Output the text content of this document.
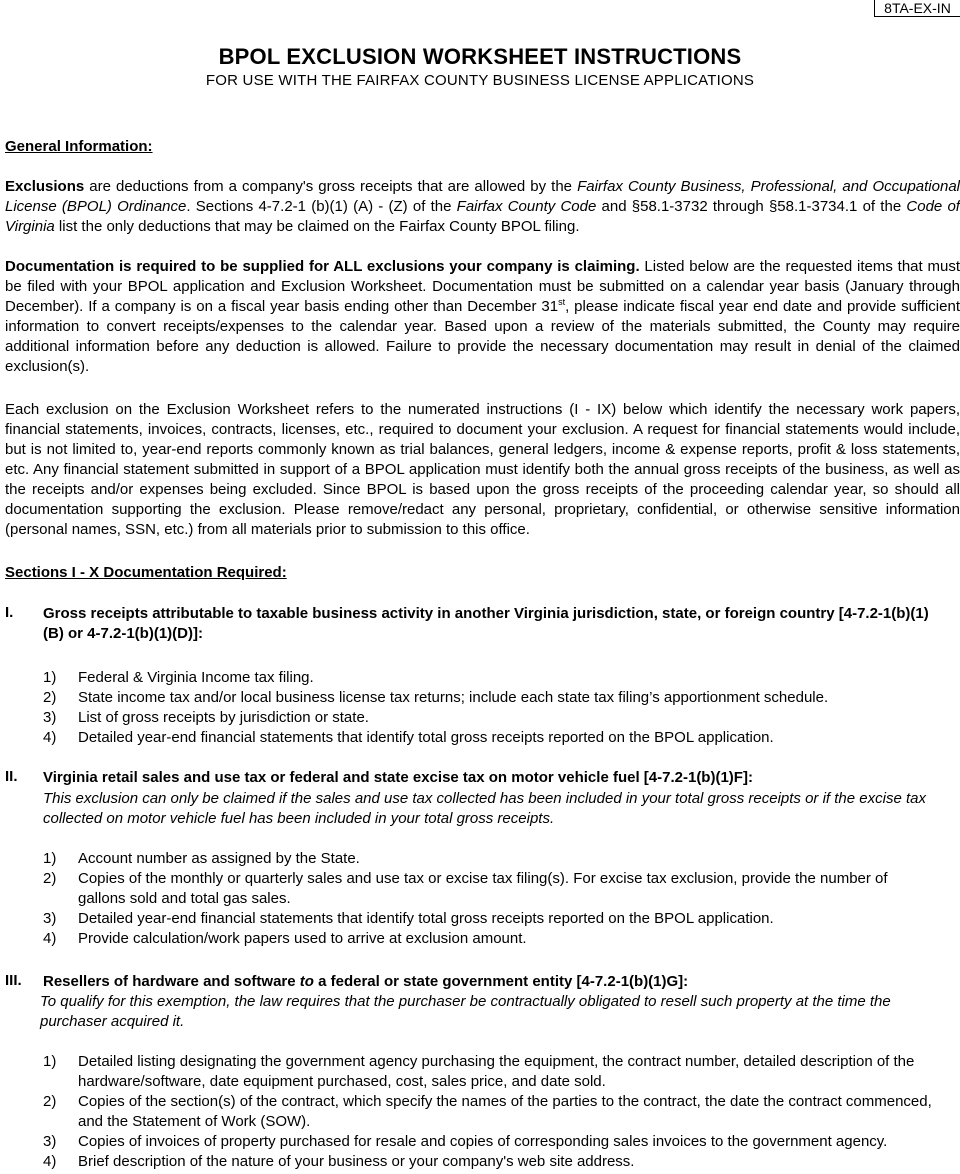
8TA-EX-IN
BPOL EXCLUSION WORKSHEET INSTRUCTIONS
FOR USE WITH THE FAIRFAX COUNTY BUSINESS LICENSE APPLICATIONS
General Information:
Exclusions are deductions from a company's gross receipts that are allowed by the Fairfax County Business, Professional, and Occupational License (BPOL) Ordinance. Sections 4-7.2-1 (b)(1) (A) - (Z) of the Fairfax County Code and §58.1-3732 through §58.1-3734.1 of the Code of Virginia list the only deductions that may be claimed on the Fairfax County BPOL filing.
Documentation is required to be supplied for ALL exclusions your company is claiming. Listed below are the requested items that must be filed with your BPOL application and Exclusion Worksheet. Documentation must be submitted on a calendar year basis (January through December). If a company is on a fiscal year basis ending other than December 31st, please indicate fiscal year end date and provide sufficient information to convert receipts/expenses to the calendar year. Based upon a review of the materials submitted, the County may require additional information before any deduction is allowed. Failure to provide the necessary documentation may result in denial of the claimed exclusion(s).
Each exclusion on the Exclusion Worksheet refers to the numerated instructions (I - IX) below which identify the necessary work papers, financial statements, invoices, contracts, licenses, etc., required to document your exclusion. A request for financial statements would include, but is not limited to, year-end reports commonly known as trial balances, general ledgers, income & expense reports, profit & loss statements, etc. Any financial statement submitted in support of a BPOL application must identify both the annual gross receipts of the business, as well as the receipts and/or expenses being excluded. Since BPOL is based upon the gross receipts of the proceeding calendar year, so should all documentation supporting the exclusion. Please remove/redact any personal, proprietary, confidential, or otherwise sensitive information (personal names, SSN, etc.) from all materials prior to submission to this office.
Sections I - X Documentation Required:
I. Gross receipts attributable to taxable business activity in another Virginia jurisdiction, state, or foreign country [4-7.2-1(b)(1)(B) or 4-7.2-1(b)(1)(D)]:
1) Federal & Virginia Income tax filing.
2) State income tax and/or local business license tax returns; include each state tax filing’s apportionment schedule.
3) List of gross receipts by jurisdiction or state.
4) Detailed year-end financial statements that identify total gross receipts reported on the BPOL application.
II. Virginia retail sales and use tax or federal and state excise tax on motor vehicle fuel [4-7.2-1(b)(1)F]:
This exclusion can only be claimed if the sales and use tax collected has been included in your total gross receipts or if the excise tax collected on motor vehicle fuel has been included in your total gross receipts.
1) Account number as assigned by the State.
2) Copies of the monthly or quarterly sales and use tax or excise tax filing(s). For excise tax exclusion, provide the number of gallons sold and total gas sales.
3) Detailed year-end financial statements that identify total gross receipts reported on the BPOL application.
4) Provide calculation/work papers used to arrive at exclusion amount.
III. Resellers of hardware and software to a federal or state government entity [4-7.2-1(b)(1)G]:
To qualify for this exemption, the law requires that the purchaser be contractually obligated to resell such property at the time the purchaser acquired it.
1) Detailed listing designating the government agency purchasing the equipment, the contract number, detailed description of the hardware/software, date equipment purchased, cost, sales price, and date sold.
2) Copies of the section(s) of the contract, which specify the names of the parties to the contract, the date the contract commenced, and the Statement of Work (SOW).
3) Copies of invoices of property purchased for resale and copies of corresponding sales invoices to the government agency.
4) Brief description of the nature of your business or your company's web site address.
